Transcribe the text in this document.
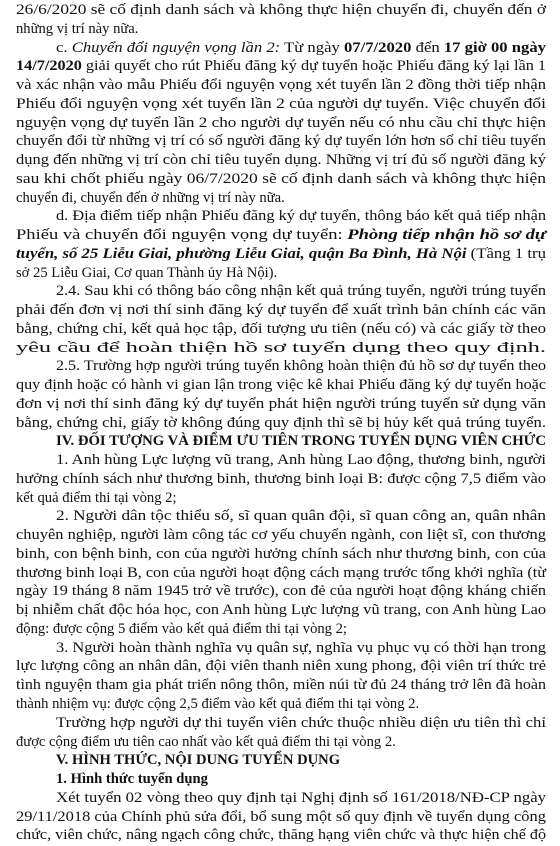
26/6/2020 sẽ cố định danh sách và không thực hiện chuyển đi, chuyển đến ở
những vị trí này nữa.
c. Chuyển đổi nguyện vọng lần 2: Từ ngày 07/7/2020 đến 17 giờ 00 ngày
14/7/2020 giải quyết cho rút Phiếu đăng ký dự tuyển hoặc Phiếu đăng ký lại lần 1
và xác nhận vào mẫu Phiếu đổi nguyện vọng xét tuyển lần 2 đồng thời tiếp nhận
Phiếu đổi nguyện vọng xét tuyển lần 2 của người dự tuyển. Việc chuyển đổi
nguyện vọng dự tuyển lần 2 cho người dự tuyển nếu có nhu cầu chỉ thực hiện
chuyển đổi từ những vị trí có số người đăng ký dự tuyển lớn hơn số chỉ tiêu tuyển
dụng đến những vị trí còn chỉ tiêu tuyển dụng. Những vị trí đủ số người đăng ký
sau khi chốt phiếu ngày 06/7/2020 sẽ cố định danh sách và không thực hiện
chuyển đi, chuyển đến ở những vị trí này nữa.
d. Địa điểm tiếp nhận Phiếu đăng ký dự tuyển, thông báo kết quả tiếp nhận
Phiếu và chuyển đổi nguyện vọng dự tuyển: Phòng tiếp nhận hồ sơ dự
tuyển, số 25 Liễu Giai, phường Liễu Giai, quận Ba Đình, Hà Nội (Tầng 1 trụ
sở 25 Liễu Giai, Cơ quan Thành ủy Hà Nội).
2.4. Sau khi có thông báo công nhận kết quả trúng tuyển, người trúng tuyển
phải đến đơn vị nơi thí sinh đăng ký dự tuyển để xuất trình bản chính các văn
bằng, chứng chỉ, kết quả học tập, đối tượng ưu tiên (nếu có) và các giấy tờ theo
yêu cầu để hoàn thiện hồ sơ tuyển dụng theo quy định.
2.5. Trường hợp người trúng tuyển không hoàn thiện đủ hồ sơ dự tuyển theo
quy định hoặc có hành vi gian lận trong việc kê khai Phiếu đăng ký dự tuyển hoặc
đơn vị nơi thí sinh đăng ký dự tuyển phát hiện người trúng tuyển sử dụng văn
bằng, chứng chỉ, giấy tờ không đúng quy định thì sẽ bị hủy kết quả trúng tuyển.
IV. ĐỐI TƯỢNG VÀ ĐIỂM ƯU TIÊN TRONG TUYỂN DỤNG VIÊN CHỨC
1. Anh hùng Lực lượng vũ trang, Anh hùng Lao động, thương binh, người
hưởng chính sách như thương binh, thương binh loại B: được cộng 7,5 điểm vào
kết quả điểm thi tại vòng 2;
2. Người dân tộc thiểu số, sĩ quan quân đội, sĩ quan công an, quân nhân
chuyên nghiệp, người làm công tác cơ yếu chuyển ngành, con liệt sĩ, con thương
binh, con bệnh binh, con của người hưởng chính sách như thương binh, con của
thương binh loại B, con của người hoạt động cách mạng trước tổng khởi nghĩa (từ
ngày 19 tháng 8 năm 1945 trở về trước), con đẻ của người hoạt động kháng chiến
bị nhiễm chất độc hóa học, con Anh hùng Lực lượng vũ trang, con Anh hùng Lao
động: được cộng 5 điểm vào kết quả điểm thi tại vòng 2;
3. Người hoàn thành nghĩa vụ quân sự, nghĩa vụ phục vụ có thời hạn trong
lực lượng công an nhân dân, đội viên thanh niên xung phong, đội viên trí thức trẻ
tình nguyện tham gia phát triển nông thôn, miền núi từ đủ 24 tháng trở lên đã hoàn
thành nhiệm vụ: được cộng 2,5 điểm vào kết quả điểm thi tại vòng 2.
Trường hợp người dự thi tuyển viên chức thuộc nhiều diện ưu tiên thì chỉ
được cộng điểm ưu tiên cao nhất vào kết quả điểm thi tại vòng 2.
V. HÌNH THỨC, NỘI DUNG TUYỂN DỤNG
1. Hình thức tuyển dụng
Xét tuyển 02 vòng theo quy định tại Nghị định số 161/2018/NĐ-CP ngày
29/11/2018 của Chính phủ sửa đổi, bổ sung một số quy định về tuyển dụng công
chức, viên chức, nâng ngạch công chức, thăng hạng viên chức và thực hiện chế độ
